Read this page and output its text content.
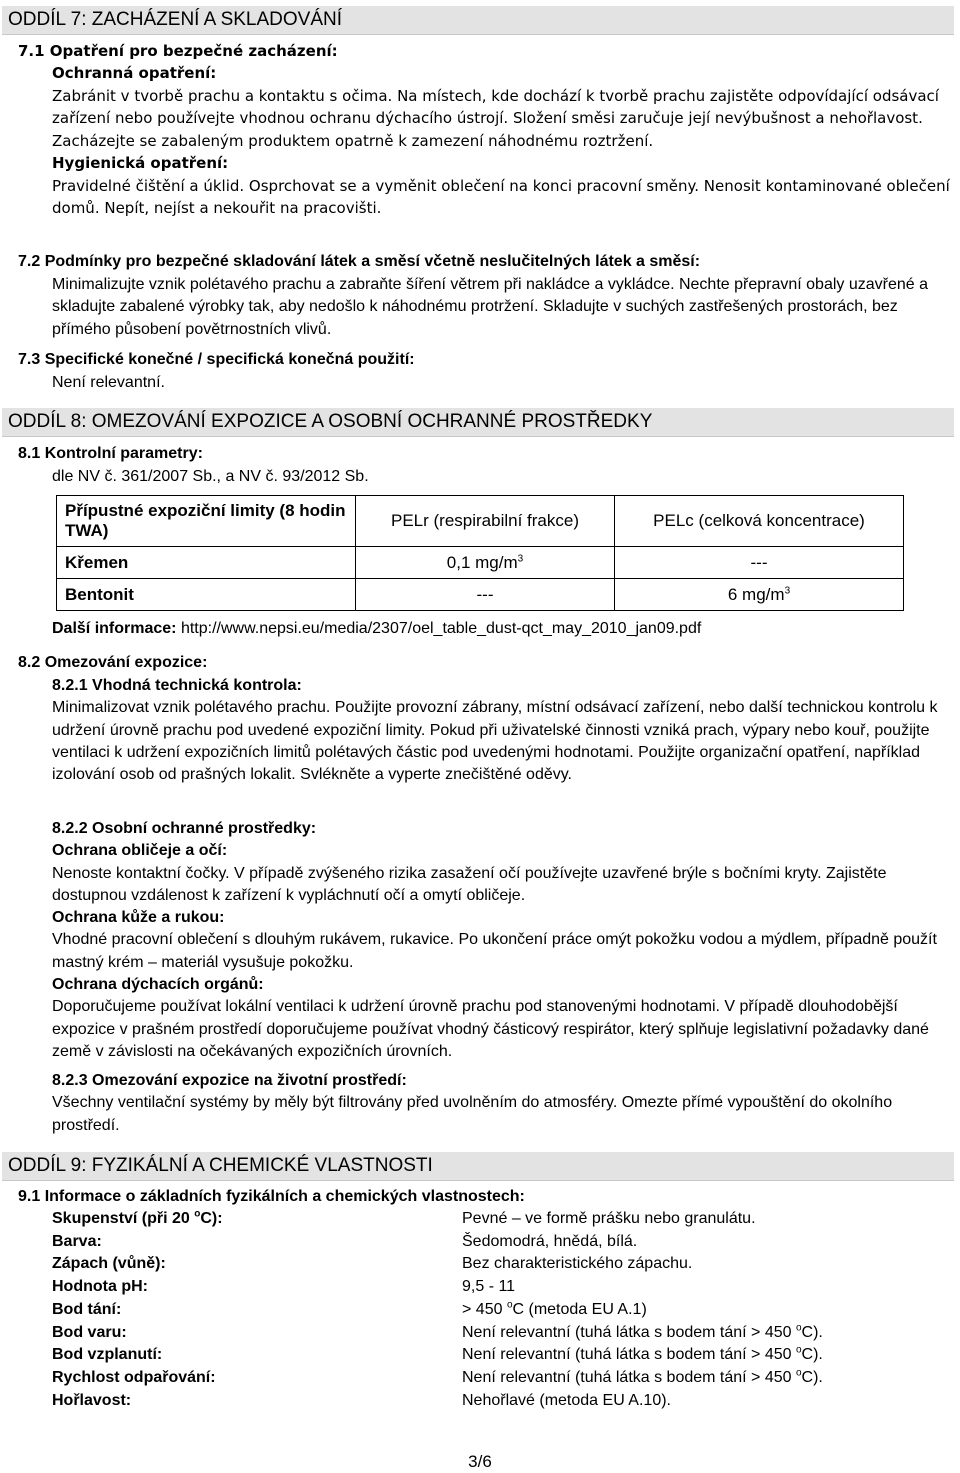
ODDÍL 7: ZACHÁZENÍ A SKLADOVÁNÍ

7.1 Opatření pro bezpečné zacházení:

Ochranná opatření:

Zabránit v tvorbě prachu a kontaktu s očima. Na místech, kde dochází k tvorbě prachu zajistěte odpovídající odsávací zařízení nebo používejte vhodnou ochranu dýchacího ústrojí. Složení směsi zaručuje její nevýbušnost a nehořlavost. Zacházejte se zabaleným produktem opatrně k zamezení náhodnému roztržení.

Hygienická opatření:

Pravidelné čištění a úklid. Osprchovat se a vyměnit oblečení na konci pracovní směny. Nenosit kontaminované oblečení domů. Nepít, nejíst a nekouřit na pracovišti.

7.2 Podmínky pro bezpečné skladování látek a směsí včetně neslučitelných látek a směsí:

Minimalizujte vznik polétavého prachu a zabraňte šíření větrem při nakládce a vykládce. Nechte přepravní obaly uzavřené a skladujte zabalené výrobky tak, aby nedošlo k náhodnému protržení. Skladujte v suchých zastřešených prostorách, bez přímého působení povětrnostních vlivů.

7.3 Specifické konečné / specifická konečná použití:

Není relevantní.

ODDÍL 8: OMEZOVÁNÍ EXPOZICE A OSOBNÍ OCHRANNÉ PROSTŘEDKY

8.1 Kontrolní parametry:

dle NV č. 361/2007 Sb., a NV č. 93/2012 Sb.

Přípustné expoziční limity (8 hodin TWA)	PELr (respirabilní frakce)	PELc (celková koncentrace)
Křemen	0,1 $mg/m^3$	---
Bentonit	---	6 $mg/m^3$

Další informace: http://www.nepsi.eu/media/2307/oel_table_dust-qct_may_2010_jan09.pdf

8.2 Omezování expozice:

8.2.1 Vhodná technická kontrola:

Minimalizovat vznik polétavého prachu. Použijte provozní zábrany, místní odsávací zařízení, nebo další technickou kontrolu k udržení úrovně prachu pod uvedené expoziční limity. Pokud při uživatelské činnosti vzniká prach, výpary nebo kouř, použijte ventilaci k udržení expozičních limitů polétavých částic pod uvedenými hodnotami. Použijte organizační opatření, například izolování osob od prašných lokalit. Svlékněte a vyperte znečištěné oděvy.

8.2.2 Osobní ochranné prostředky:

Ochrana obličeje a očí:

Nenoste kontaktní čočky. V případě zvýšeného rizika zasažení očí používejte uzavřené brýle s bočními kryty. Zajistěte dostupnou vzdálenost k zařízení k vypláchnutí očí a omytí obličeje.

Ochrana kůže a rukou:

Vhodné pracovní oblečení s dlouhým rukávem, rukavice. Po ukončení práce omýt pokožku vodou a mýdlem, případně použít mastný krém – materiál vysušuje pokožku.

Ochrana dýchacích orgánů:

Doporučujeme používat lokální ventilaci k udržení úrovně prachu pod stanovenými hodnotami. V případě dlouhodobější expozice v prašném prostředí doporučujeme používat vhodný částicový respirátor, který splňuje legislativní požadavky dané země v závislosti na očekávaných expozičních úrovních.

8.2.3 Omezování expozice na životní prostředí:

Všechny ventilační systémy by měly být filtrovány před uvolněním do atmosféry. Omezte přímé vypouštění do okolního prostředí.

ODDÍL 9: FYZIKÁLNÍ A CHEMICKÉ VLASTNOSTI

9.1 Informace o základních fyzikálních a chemických vlastnostech:

Skupenství (při 20 $^o$C):	Pevné – ve formě prášku nebo granulátu.
Barva:	Šedomodrá, hnědá, bílá.
Zápach (vůně):	Bez charakteristického zápachu.
Hodnota pH:	9,5 - 11
Bod tání:	> 450 $^o$C (metoda EU A.1)
Bod varu:	Není relevantní (tuhá látka s bodem tání > 450 $^o$C).
Bod vzplanutí:	Není relevantní (tuhá látka s bodem tání > 450 $^o$C).
Rychlost odpařování:	Není relevantní (tuhá látka s bodem tání > 450 $^o$C).
Hořlavost:	Nehořlavé (metoda EU A.10).
3/6
